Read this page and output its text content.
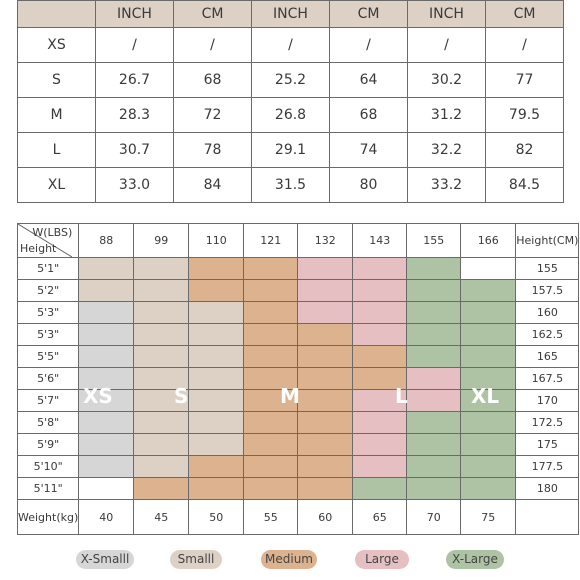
	INCH	CM	INCH	CM	INCH	CM
XS	/	/	/	/	/	/
S	26.7	68	25.2	64	30.2	77
M	28.3	72	26.8	68	31.2	79.5
L	30.7	78	29.1	74	32.2	82
XL	33.0	84	31.5	80	33.2	84.5
W(LBS)
Height	88	99	110	121	132	143	155	166	Height(CM)
5'1"									155
5'2"									157.5
5'3"									160
5'3"									162.5
5'5"									165
5'6"									167.5
5'7"									170
5'8"									172.5
5'9"									175
5'10"									177.5
5'11"									180
Weight(kg)	40	45	50	55	60	65	70	75	
XS	S	M	L	XL
X-Smalll	Smalll	Medium	Large	X-Large
